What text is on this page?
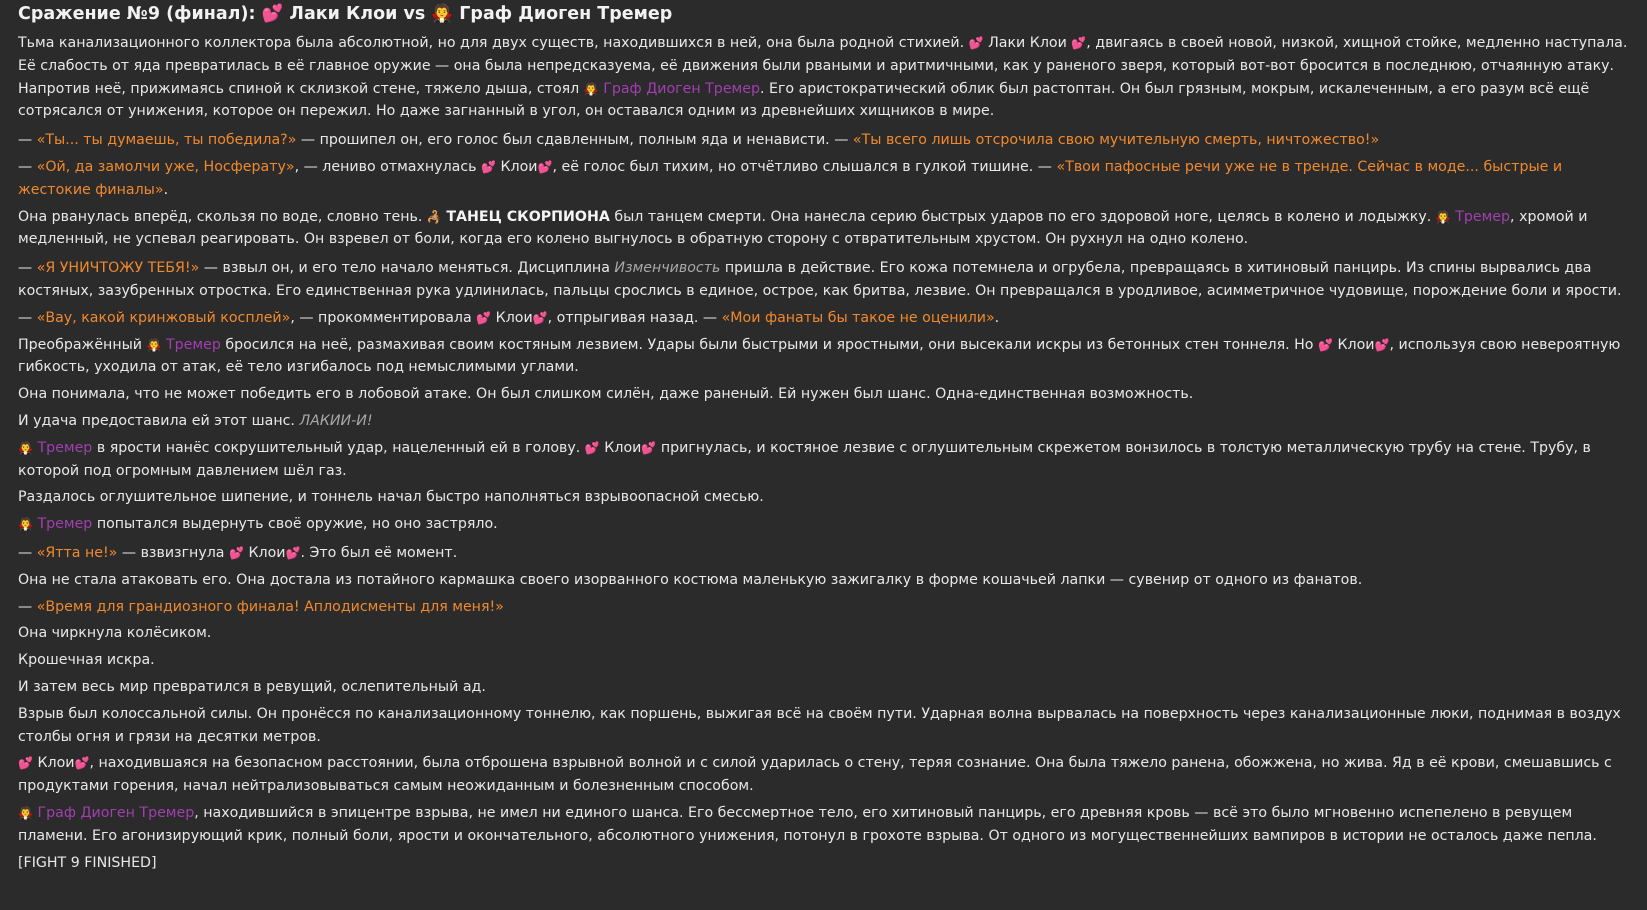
Сражение №9 (финал): 💕 Лаки Клои vs 🧛 Граф Диоген Тремер

Тьма канализационного коллектора была абсолютной, но для двух существ, находившихся в ней, она была родной стихией. 💕 Лаки Клои 💕, двигаясь в своей новой, низкой, хищной стойке, медленно наступала. Её слабость от яда превратилась в её главное оружие — она была непредсказуема, её движения были рваными и аритмичными, как у раненого зверя, который вот-вот бросится в последнюю, отчаянную атаку. Напротив неё, прижимаясь спиной к склизкой стене, тяжело дыша, стоял 🧛 Граф Диоген Тремер. Его аристократический облик был растоптан. Он был грязным, мокрым, искалеченным, а его разум всё ещё сотрясался от унижения, которое он пережил. Но даже загнанный в угол, он оставался одним из древнейших хищников в мире.

— «Ты... ты думаешь, ты победила?» — прошипел он, его голос был сдавленным, полным яда и ненависти. — «Ты всего лишь отсрочила свою мучительную смерть, ничтожество!»

— «Ой, да замолчи уже, Носферату», — лениво отмахнулась 💕 Клои💕, её голос был тихим, но отчётливо слышался в гулкой тишине. — «Твои пафосные речи уже не в тренде. Сейчас в моде... быстрые и жестокие финалы».

Она рванулась вперёд, скользя по воде, словно тень. 🦂 ТАНЕЦ СКОРПИОНА был танцем смерти. Она нанесла серию быстрых ударов по его здоровой ноге, целясь в колено и лодыжку. 🧛 Тремер, хромой и медленный, не успевал реагировать. Он взревел от боли, когда его колено выгнулось в обратную сторону с отвратительным хрустом. Он рухнул на одно колено.

— «Я УНИЧТОЖУ ТЕБЯ!» — взвыл он, и его тело начало меняться. Дисциплина Изменчивость пришла в действие. Его кожа потемнела и огрубела, превращаясь в хитиновый панцирь. Из спины вырвались два костяных, зазубренных отростка. Его единственная рука удлинилась, пальцы срослись в единое, острое, как бритва, лезвие. Он превращался в уродливое, асимметричное чудовище, порождение боли и ярости.

— «Вау, какой кринжовый косплей», — прокомментировала 💕 Клои💕, отпрыгивая назад. — «Мои фанаты бы такое не оценили».

Преображённый 🧛 Тремер бросился на неё, размахивая своим костяным лезвием. Удары были быстрыми и яростными, они высекали искры из бетонных стен тоннеля. Но 💕 Клои💕, используя свою невероятную гибкость, уходила от атак, её тело изгибалось под немыслимыми углами.

Она понимала, что не может победить его в лобовой атаке. Он был слишком силён, даже раненый. Ей нужен был шанс. Одна-единственная возможность.

И удача предоставила ей этот шанс. ЛАКИИ-И!

🧛 Тремер в ярости нанёс сокрушительный удар, нацеленный ей в голову. 💕 Клои💕 пригнулась, и костяное лезвие с оглушительным скрежетом вонзилось в толстую металлическую трубу на стене. Трубу, в которой под огромным давлением шёл газ.

Раздалось оглушительное шипение, и тоннель начал быстро наполняться взрывоопасной смесью.

🧛 Тремер попытался выдернуть своё оружие, но оно застряло.

— «Ятта не!» — взвизгнула 💕 Клои💕. Это был её момент.

Она не стала атаковать его. Она достала из потайного кармашка своего изорванного костюма маленькую зажигалку в форме кошачьей лапки — сувенир от одного из фанатов.

— «Время для грандиозного финала! Аплодисменты для меня!»

Она чиркнула колёсиком.

Крошечная искра.

И затем весь мир превратился в ревущий, ослепительный ад.

Взрыв был колоссальной силы. Он пронёсся по канализационному тоннелю, как поршень, выжигая всё на своём пути. Ударная волна вырвалась на поверхность через канализационные люки, поднимая в воздух столбы огня и грязи на десятки метров.

💕 Клои💕, находившаяся на безопасном расстоянии, была отброшена взрывной волной и с силой ударилась о стену, теряя сознание. Она была тяжело ранена, обожжена, но жива. Яд в её крови, смешавшись с продуктами горения, начал нейтрализовываться самым неожиданным и болезненным способом.

🧛 Граф Диоген Тремер, находившийся в эпицентре взрыва, не имел ни единого шанса. Его бессмертное тело, его хитиновый панцирь, его древняя кровь — всё это было мгновенно испепелено в ревущем пламени. Его агонизирующий крик, полный боли, ярости и окончательного, абсолютного унижения, потонул в грохоте взрыва. От одного из могущественнейших вампиров в истории не осталось даже пепла.

[FIGHT 9 FINISHED]
